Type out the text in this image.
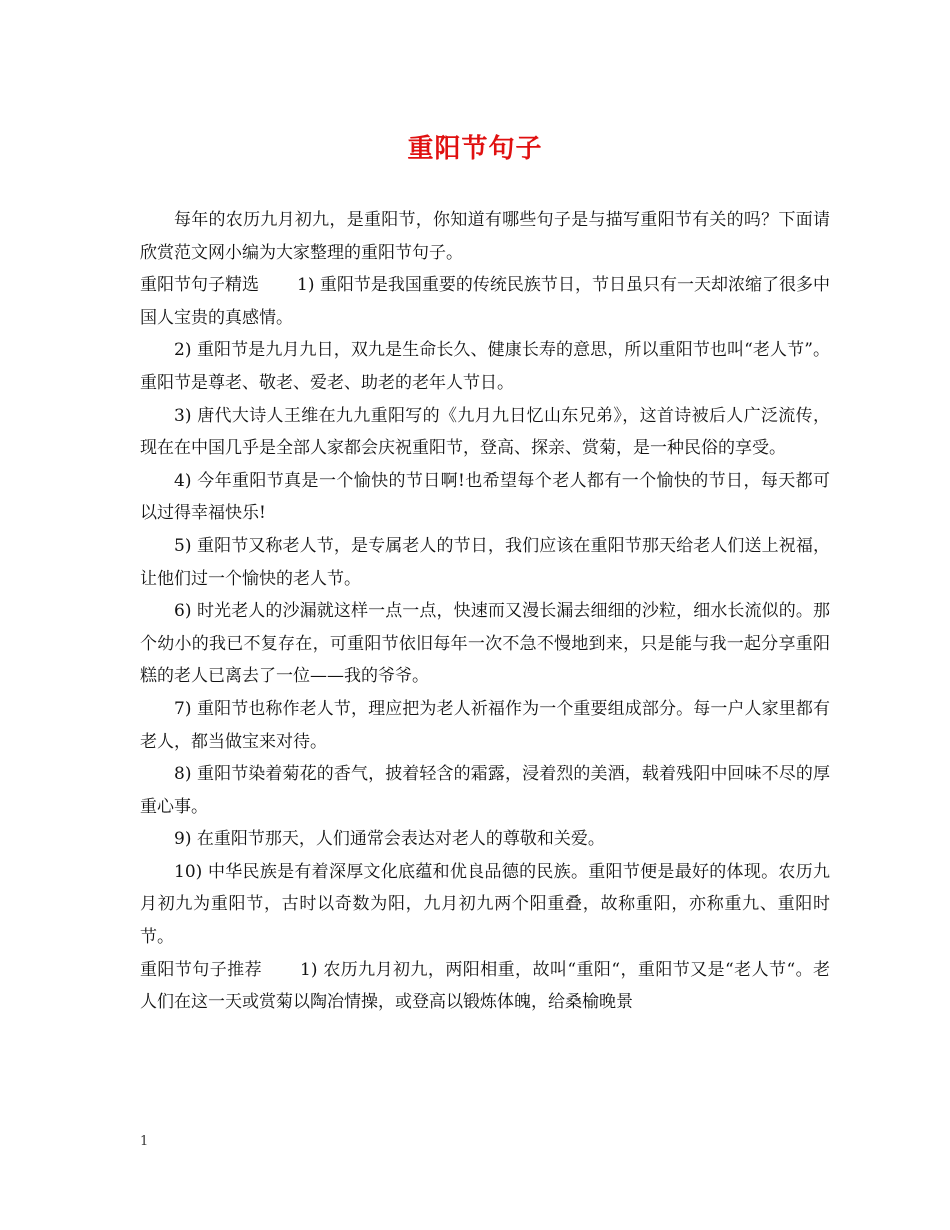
重阳节句子

每年的农历九月初九，是重阳节，你知道有哪些句子是与描写重阳节有关的吗？下面请欣赏范文网小编为大家整理的重阳节句子。

重阳节句子精选 1) 重阳节是我国重要的传统民族节日，节日虽只有一天却浓缩了很多中国人宝贵的真感情。

2) 重阳节是九月九日，双九是生命长久、健康长寿的意思，所以重阳节也叫“老人节”。重阳节是尊老、敬老、爱老、助老的老年人节日。

3) 唐代大诗人王维在九九重阳写的《九月九日忆山东兄弟》，这首诗被后人广泛流传，现在在中国几乎是全部人家都会庆祝重阳节，登高、探亲、赏菊，是一种民俗的享受。

4) 今年重阳节真是一个愉快的节日啊!也希望每个老人都有一个愉快的节日，每天都可以过得幸福快乐!

5) 重阳节又称老人节，是专属老人的节日，我们应该在重阳节那天给老人们送上祝福，让他们过一个愉快的老人节。

6) 时光老人的沙漏就这样一点一点，快速而又漫长漏去细细的沙粒，细水长流似的。那个幼小的我已不复存在，可重阳节依旧每年一次不急不慢地到来，只是能与我一起分享重阳糕的老人已离去了一位——我的爷爷。

7) 重阳节也称作老人节，理应把为老人祈福作为一个重要组成部分。每一户人家里都有老人，都当做宝来对待。

8) 重阳节染着菊花的香气，披着轻含的霜露，浸着烈的美酒，载着残阳中回味不尽的厚重心事。

9) 在重阳节那天，人们通常会表达对老人的尊敬和关爱。

10) 中华民族是有着深厚文化底蕴和优良品德的民族。重阳节便是最好的体现。农历九月初九为重阳节，古时以奇数为阳，九月初九两个阳重叠，故称重阳，亦称重九、重阳时节。

重阳节句子推荐 1) 农历九月初九，两阳相重，故叫“重阳“，重阳节又是“老人节“。老人们在这一天或赏菊以陶冶情操，或登高以锻炼体魄，给桑榆晚景

1
